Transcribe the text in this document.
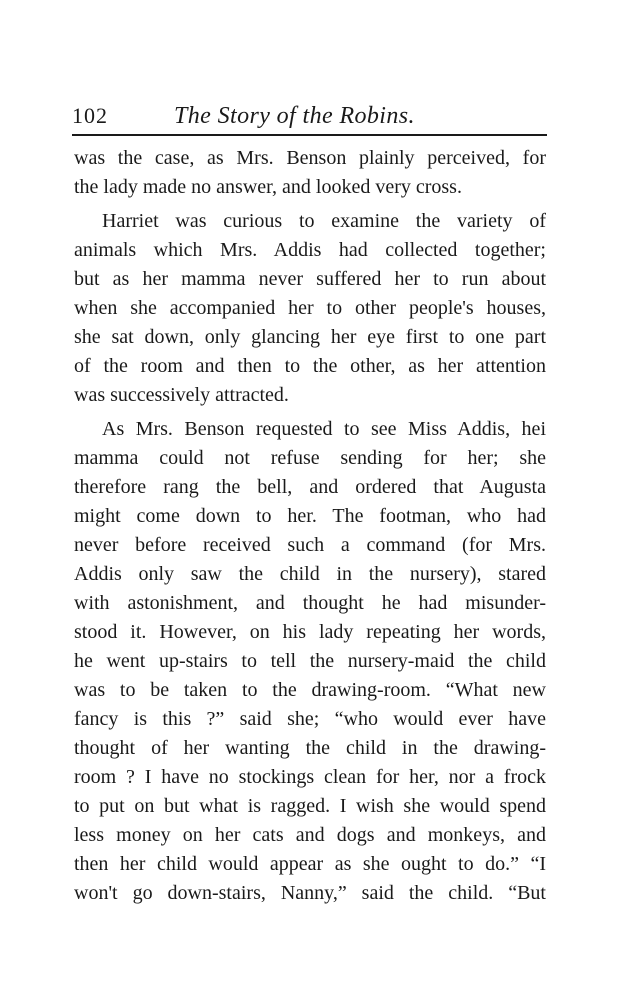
102	The Story of the Robins.
was the case, as Mrs. Benson plainly perceived, for
the lady made no answer, and looked very cross.
Harriet was curious to examine the variety of
animals which Mrs. Addis had collected together;
but as her mamma never suffered her to run about
when she accompanied her to other people's houses,
she sat down, only glancing her eye first to one part
of the room and then to the other, as her attention
was successively attracted.
As Mrs. Benson requested to see Miss Addis, hei
mamma could not refuse sending for her; she
therefore rang the bell, and ordered that Augusta
might come down to her. The footman, who had
never before received such a command (for Mrs.
Addis only saw the child in the nursery), stared
with astonishment, and thought he had misunder-
stood it. However, on his lady repeating her words,
he went up-stairs to tell the nursery-maid the child
was to be taken to the drawing-room. “What new
fancy is this ?” said she; “who would ever have
thought of her wanting the child in the drawing-
room ? I have no stockings clean for her, nor a frock
to put on but what is ragged. I wish she would spend
less money on her cats and dogs and monkeys, and
then her child would appear as she ought to do.” “I
won't go down-stairs, Nanny,” said the child. “But
